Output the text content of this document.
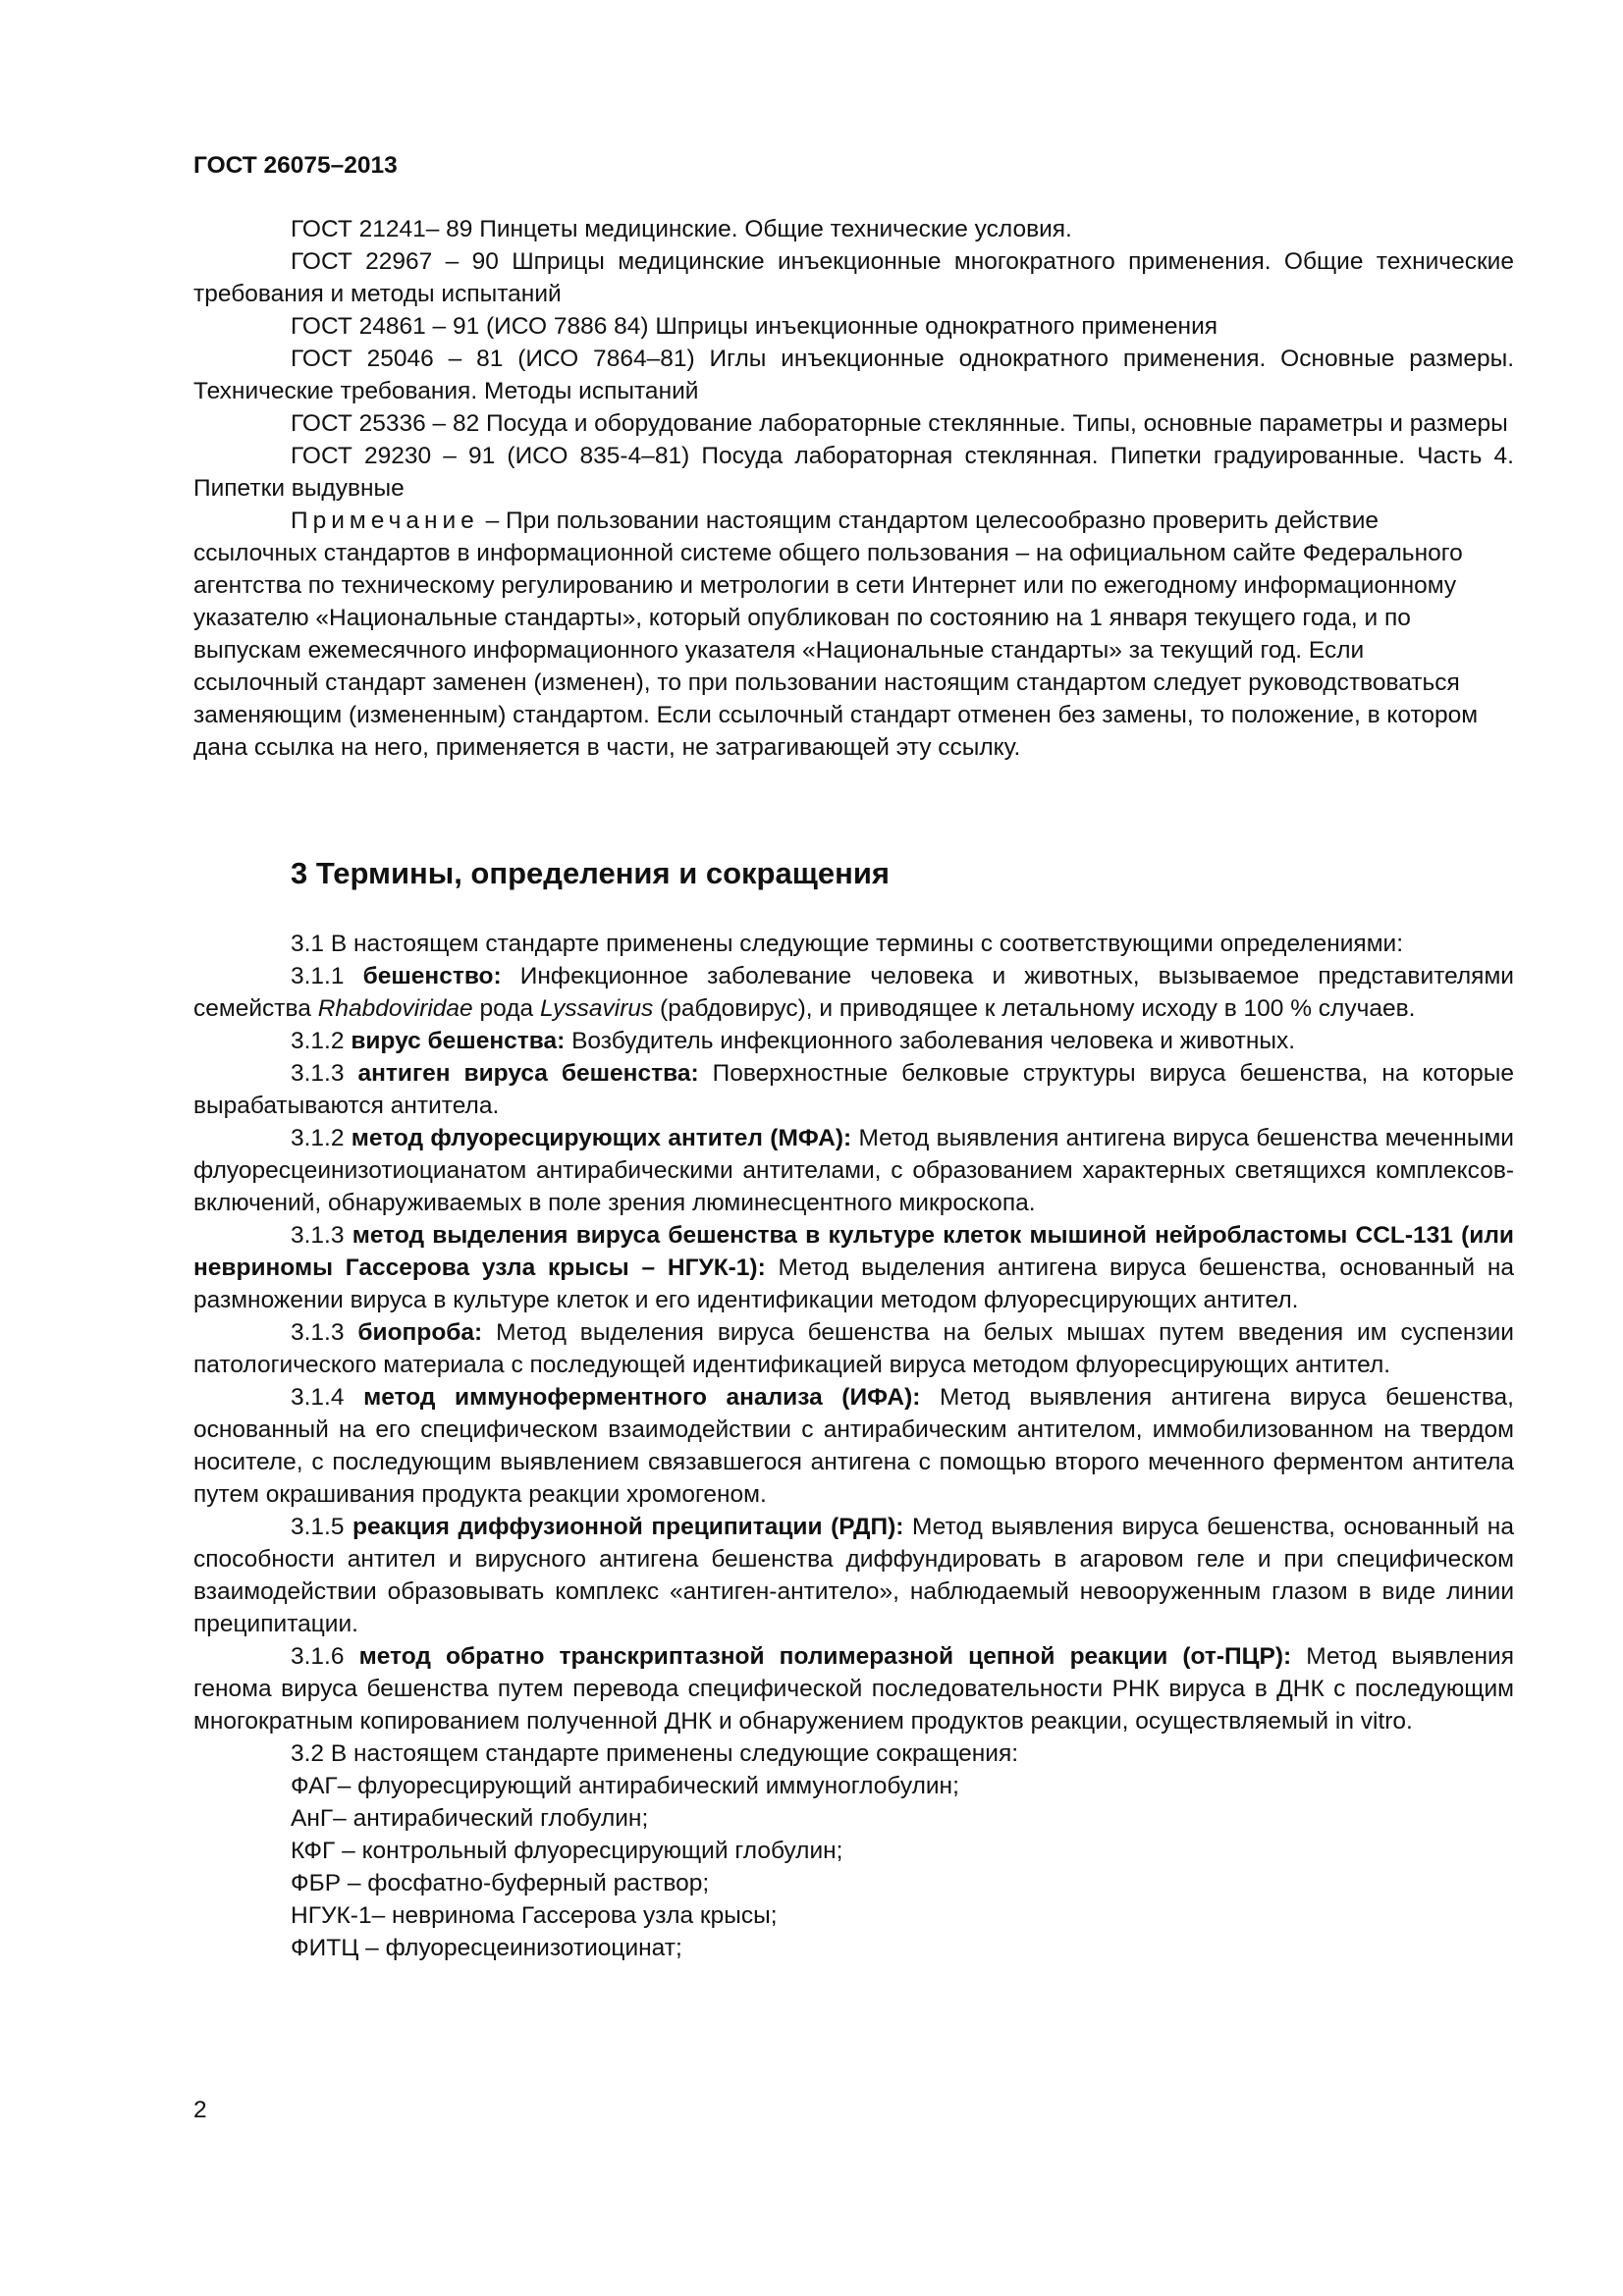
ГОСТ 26075–2013

ГОСТ 21241– 89 Пинцеты медицинские. Общие технические условия.

ГОСТ 22967 – 90 Шприцы медицинские инъекционные многократного применения. Общие технические требования и методы испытаний

ГОСТ 24861 – 91 (ИСО 7886 84) Шприцы инъекционные однократного применения

ГОСТ 25046 – 81 (ИСО 7864–81) Иглы инъекционные однократного применения. Основные размеры. Технические требования. Методы испытаний

ГОСТ 25336 – 82 Посуда и оборудование лабораторные стеклянные. Типы, основные параметры и размеры

ГОСТ 29230 – 91 (ИСО 835-4–81) Посуда лабораторная стеклянная. Пипетки градуированные. Часть 4. Пипетки выдувные

Примечание – При пользовании настоящим стандартом целесообразно проверить действие ссылочных стандартов в информационной системе общего пользования – на официальном сайте Федерального агентства по техническому регулированию и метрологии в сети Интернет или по ежегодному информационному указателю «Национальные стандарты», который опубликован по состоянию на 1 января текущего года, и по выпускам ежемесячного информационного указателя «Национальные стандарты» за текущий год. Если ссылочный стандарт заменен (изменен), то при пользовании настоящим стандартом следует руководствоваться заменяющим (измененным) стандартом. Если ссылочный стандарт отменен без замены, то положение, в котором дана ссылка на него, применяется в части, не затрагивающей эту ссылку.

3 Термины, определения и сокращения

3.1 В настоящем стандарте применены следующие термины с соответствующими определениями:

3.1.1 бешенство: Инфекционное заболевание человека и животных, вызываемое представителями семейства Rhabdoviridae рода Lyssavirus (рабдовирус), и приводящее к летальному исходу в 100 % случаев.

3.1.2 вирус бешенства: Возбудитель инфекционного заболевания человека и животных.

3.1.3 антиген вируса бешенства: Поверхностные белковые структуры вируса бешенства, на которые вырабатываются антитела.

3.1.2 метод флуоресцирующих антител (МФА): Метод выявления антигена вируса бешенства меченными флуоресцеинизотиоцианатом антирабическими антителами, с образованием характерных светящихся комплексов-включений, обнаруживаемых в поле зрения люминесцентного микроскопа.

3.1.3 метод выделения вируса бешенства в культуре клеток мышиной нейробластомы CCL-131 (или невриномы Гассерова узла крысы – НГУК-1): Метод выделения антигена вируса бешенства, основанный на размножении вируса в культуре клеток и его идентификации методом флуоресцирующих антител.

3.1.3 биопроба: Метод выделения вируса бешенства на белых мышах путем введения им суспензии патологического материала с последующей идентификацией вируса методом флуоресцирующих антител.

3.1.4 метод иммуноферментного анализа (ИФА): Метод выявления антигена вируса бешенства, основанный на его специфическом взаимодействии с антирабическим антителом, иммобилизованном на твердом носителе, с последующим выявлением связавшегося антигена с помощью второго меченного ферментом антитела путем окрашивания продукта реакции хромогеном.

3.1.5 реакция диффузионной преципитации (РДП): Метод выявления вируса бешенства, основанный на способности антител и вирусного антигена бешенства диффундировать в агаровом геле и при специфическом взаимодействии образовывать комплекс «антиген-антитело», наблюдаемый невооруженным глазом в виде линии преципитации.

3.1.6 метод обратно транскриптазной полимеразной цепной реакции (от-ПЦР): Метод выявления генома вируса бешенства путем перевода специфической последовательности РНК вируса в ДНК с последующим многократным копированием полученной ДНК и обнаружением продуктов реакции, осуществляемый in vitro.

3.2 В настоящем стандарте применены следующие сокращения:

ФАГ– флуоресцирующий антирабический иммуноглобулин;

АнГ– антирабический глобулин;

КФГ – контрольный флуоресцирующий глобулин;

ФБР – фосфатно-буферный раствор;

НГУК-1– невринома Гассерова узла крысы;

ФИТЦ – флуоресцеинизотиоцинат;

2
